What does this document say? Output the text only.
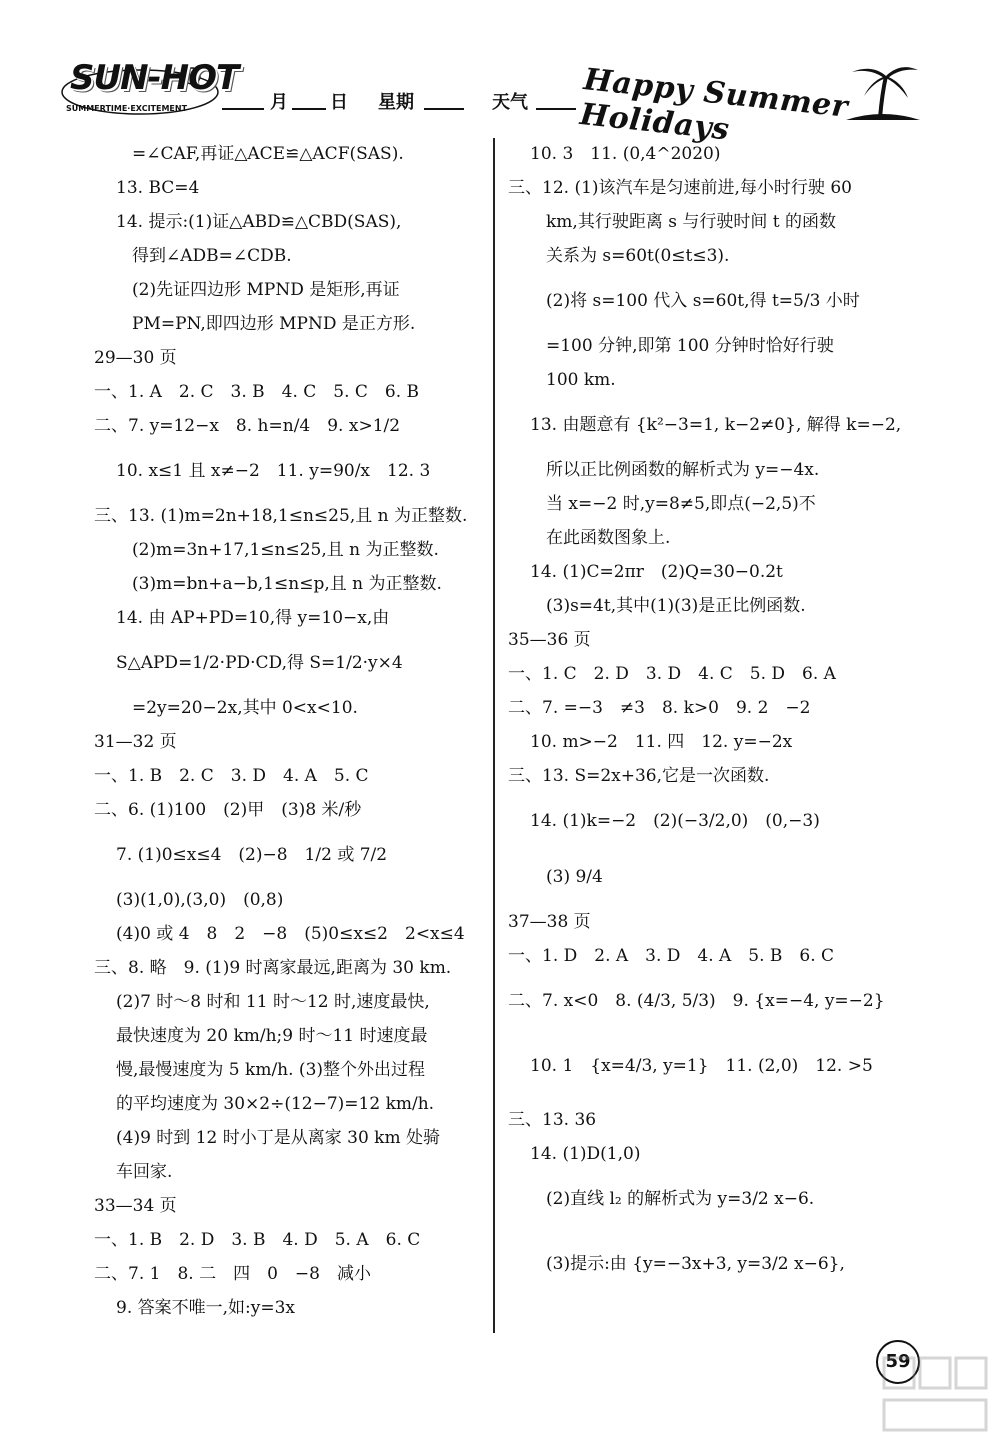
SUN-HOT
SUMMERTIME·EXCITEMENT	月 日 星期	天气 Happy Summer Holidays
=∠CAF,再证△ACE≌△ACF(SAS).
13. BC=4
14. 提示:(1)证△ABD≌△CBD(SAS),
得到∠ADB=∠CDB.
(2)先证四边形 MPND 是矩形,再证
PM=PN,即四边形 MPND 是正方形.
29—30 页
一、1. A　2. C　3. B　4. C　5. C　6. B
二、7. y=12−x　8. h=n/4　9. x>1/2
10. x≤1 且 x≠−2　11. y=90/x　12. 3
三、13. (1)m=2n+18,1≤n≤25,且 n 为正整数.
(2)m=3n+17,1≤n≤25,且 n 为正整数.
(3)m=bn+a−b,1≤n≤p,且 n 为正整数.
14. 由 AP+PD=10,得 y=10−x,由
S△APD=1/2·PD·CD,得 S=1/2·y×4
=2y=20−2x,其中 0<x<10.
31—32 页
一、1. B　2. C　3. D　4. A　5. C
二、6. (1)100　(2)甲　(3)8 米/秒
7. (1)0≤x≤4　(2)−8　1/2 或 7/2
(3)(1,0),(3,0)　(0,8)
(4)0 或 4　8　2　−8　(5)0≤x≤2　2<x≤4
三、8. 略　9. (1)9 时离家最远,距离为 30 km.
(2)7 时～8 时和 11 时～12 时,速度最快,
最快速度为 20 km/h;9 时～11 时速度最
慢,最慢速度为 5 km/h. (3)整个外出过程
的平均速度为 30×2÷(12−7)=12 km/h.
(4)9 时到 12 时小丁是从离家 30 km 处骑
车回家.
33—34 页
一、1. B　2. D　3. B　4. D　5. A　6. C
二、7. 1　8. 二　四　0　−8　减小
9. 答案不唯一,如:y=3x
10. 3　11. (0,4^2020)
三、12. (1)该汽车是匀速前进,每小时行驶 60
km,其行驶距离 s 与行驶时间 t 的函数
关系为 s=60t(0≤t≤3).
(2)将 s=100 代入 s=60t,得 t=5/3 小时
=100 分钟,即第 100 分钟时恰好行驶
100 km.
13. 由题意有 {k²−3=1, k−2≠0}, 解得 k=−2,
所以正比例函数的解析式为 y=−4x.
当 x=−2 时,y=8≠5,即点(−2,5)不
在此函数图象上.
14. (1)C=2πr　(2)Q=30−0.2t
(3)s=4t,其中(1)(3)是正比例函数.
35—36 页
一、1. C　2. D　3. D　4. C　5. D　6. A
二、7. =−3　≠3　8. k>0　9. 2　−2
10. m>−2　11. 四　12. y=−2x
三、13. S=2x+36,它是一次函数.
14. (1)k=−2　(2)(−3/2,0)　(0,−3)
(3) 9/4
37—38 页
一、1. D　2. A　3. D　4. A　5. B　6. C
二、7. x<0　8. (4/3, 5/3)　9. {x=−4, y=−2}
10. 1　{x=4/3, y=1}　11. (2,0)　12. >5
三、13. 36
14. (1)D(1,0)
(2)直线 l₂ 的解析式为 y=3/2 x−6.
(3)提示:由 {y=−3x+3, y=3/2 x−6},
59
